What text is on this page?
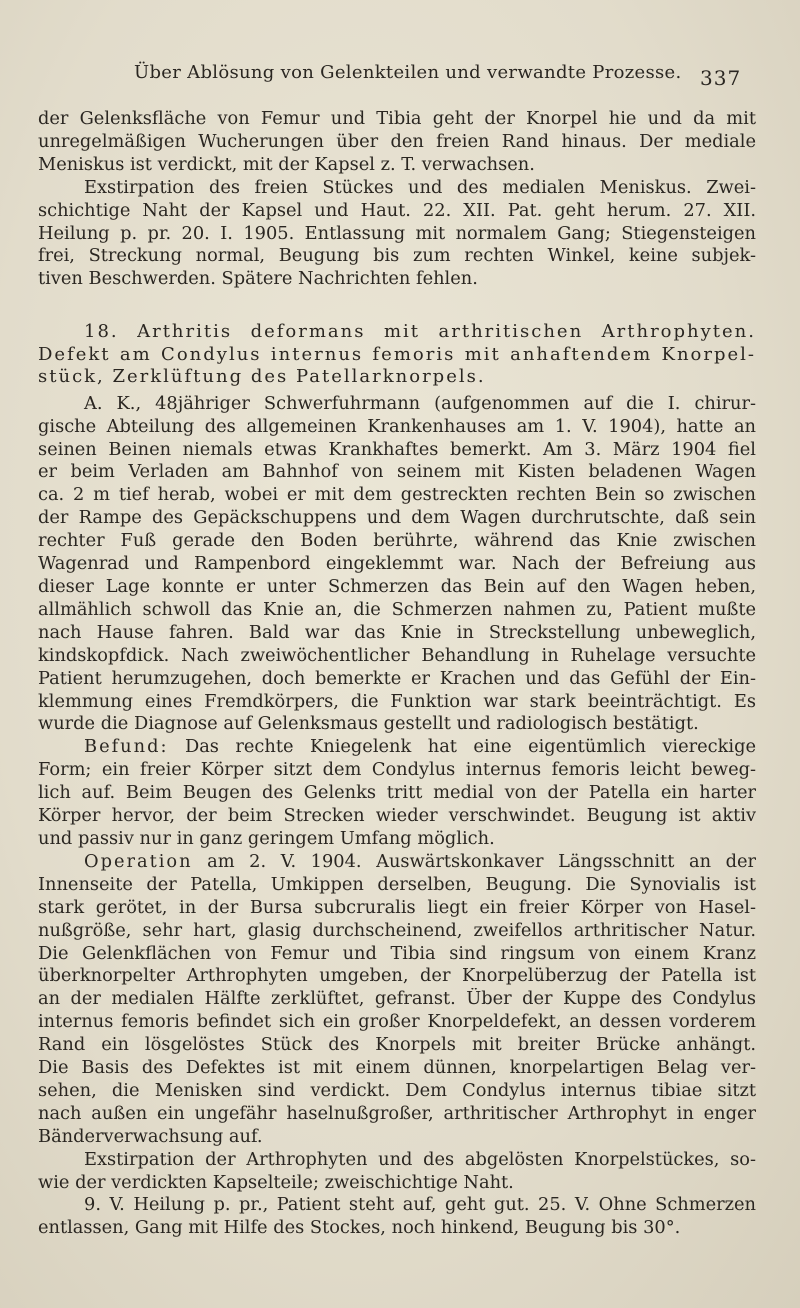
Über Ablösung von Gelenkteilen und verwandte Prozesse. 337
der Gelenksfläche von Femur und Tibia geht der Knorpel hie und da mit
unregelmäßigen Wucherungen über den freien Rand hinaus. Der mediale
Meniskus ist verdickt, mit der Kapsel z. T. verwachsen.
Exstirpation des freien Stückes und des medialen Meniskus. Zwei-
schichtige Naht der Kapsel und Haut. 22. XII. Pat. geht herum. 27. XII.
Heilung p. pr. 20. I. 1905. Entlassung mit normalem Gang; Stiegensteigen
frei, Streckung normal, Beugung bis zum rechten Winkel, keine subjek-
tiven Beschwerden. Spätere Nachrichten fehlen.
18. Arthritis deformans mit arthritischen Arthrophyten.
Defekt am Condylus internus femoris mit anhaftendem Knorpel-
stück, Zerklüftung des Patellarknorpels.
A. K., 48jähriger Schwerfuhrmann (aufgenommen auf die I. chirur-
gische Abteilung des allgemeinen Krankenhauses am 1. V. 1904), hatte an
seinen Beinen niemals etwas Krankhaftes bemerkt. Am 3. März 1904 fiel
er beim Verladen am Bahnhof von seinem mit Kisten beladenen Wagen
ca. 2 m tief herab, wobei er mit dem gestreckten rechten Bein so zwischen
der Rampe des Gepäckschuppens und dem Wagen durchrutschte, daß sein
rechter Fuß gerade den Boden berührte, während das Knie zwischen
Wagenrad und Rampenbord eingeklemmt war. Nach der Befreiung aus
dieser Lage konnte er unter Schmerzen das Bein auf den Wagen heben,
allmählich schwoll das Knie an, die Schmerzen nahmen zu, Patient mußte
nach Hause fahren. Bald war das Knie in Streckstellung unbeweglich,
kindskopfdick. Nach zweiwöchentlicher Behandlung in Ruhelage versuchte
Patient herumzugehen, doch bemerkte er Krachen und das Gefühl der Ein-
klemmung eines Fremdkörpers, die Funktion war stark beeinträchtigt. Es
wurde die Diagnose auf Gelenksmaus gestellt und radiologisch bestätigt.
Befund: Das rechte Kniegelenk hat eine eigentümlich viereckige
Form; ein freier Körper sitzt dem Condylus internus femoris leicht beweg-
lich auf. Beim Beugen des Gelenks tritt medial von der Patella ein harter
Körper hervor, der beim Strecken wieder verschwindet. Beugung ist aktiv
und passiv nur in ganz geringem Umfang möglich.
Operation am 2. V. 1904. Auswärtskonkaver Längsschnitt an der
Innenseite der Patella, Umkippen derselben, Beugung. Die Synovialis ist
stark gerötet, in der Bursa subcruralis liegt ein freier Körper von Hasel-
nußgröße, sehr hart, glasig durchscheinend, zweifellos arthritischer Natur.
Die Gelenkflächen von Femur und Tibia sind ringsum von einem Kranz
überknorpelter Arthrophyten umgeben, der Knorpelüberzug der Patella ist
an der medialen Hälfte zerklüftet, gefranst. Über der Kuppe des Condylus
internus femoris befindet sich ein großer Knorpeldefekt, an dessen vorderem
Rand ein lösgelöstes Stück des Knorpels mit breiter Brücke anhängt.
Die Basis des Defektes ist mit einem dünnen, knorpelartigen Belag ver-
sehen, die Menisken sind verdickt. Dem Condylus internus tibiae sitzt
nach außen ein ungefähr haselnußgroßer, arthritischer Arthrophyt in enger
Bänderverwachsung auf.
Exstirpation der Arthrophyten und des abgelösten Knorpelstückes, so-
wie der verdickten Kapselteile; zweischichtige Naht.
9. V. Heilung p. pr., Patient steht auf, geht gut. 25. V. Ohne Schmerzen
entlassen, Gang mit Hilfe des Stockes, noch hinkend, Beugung bis 30°.
